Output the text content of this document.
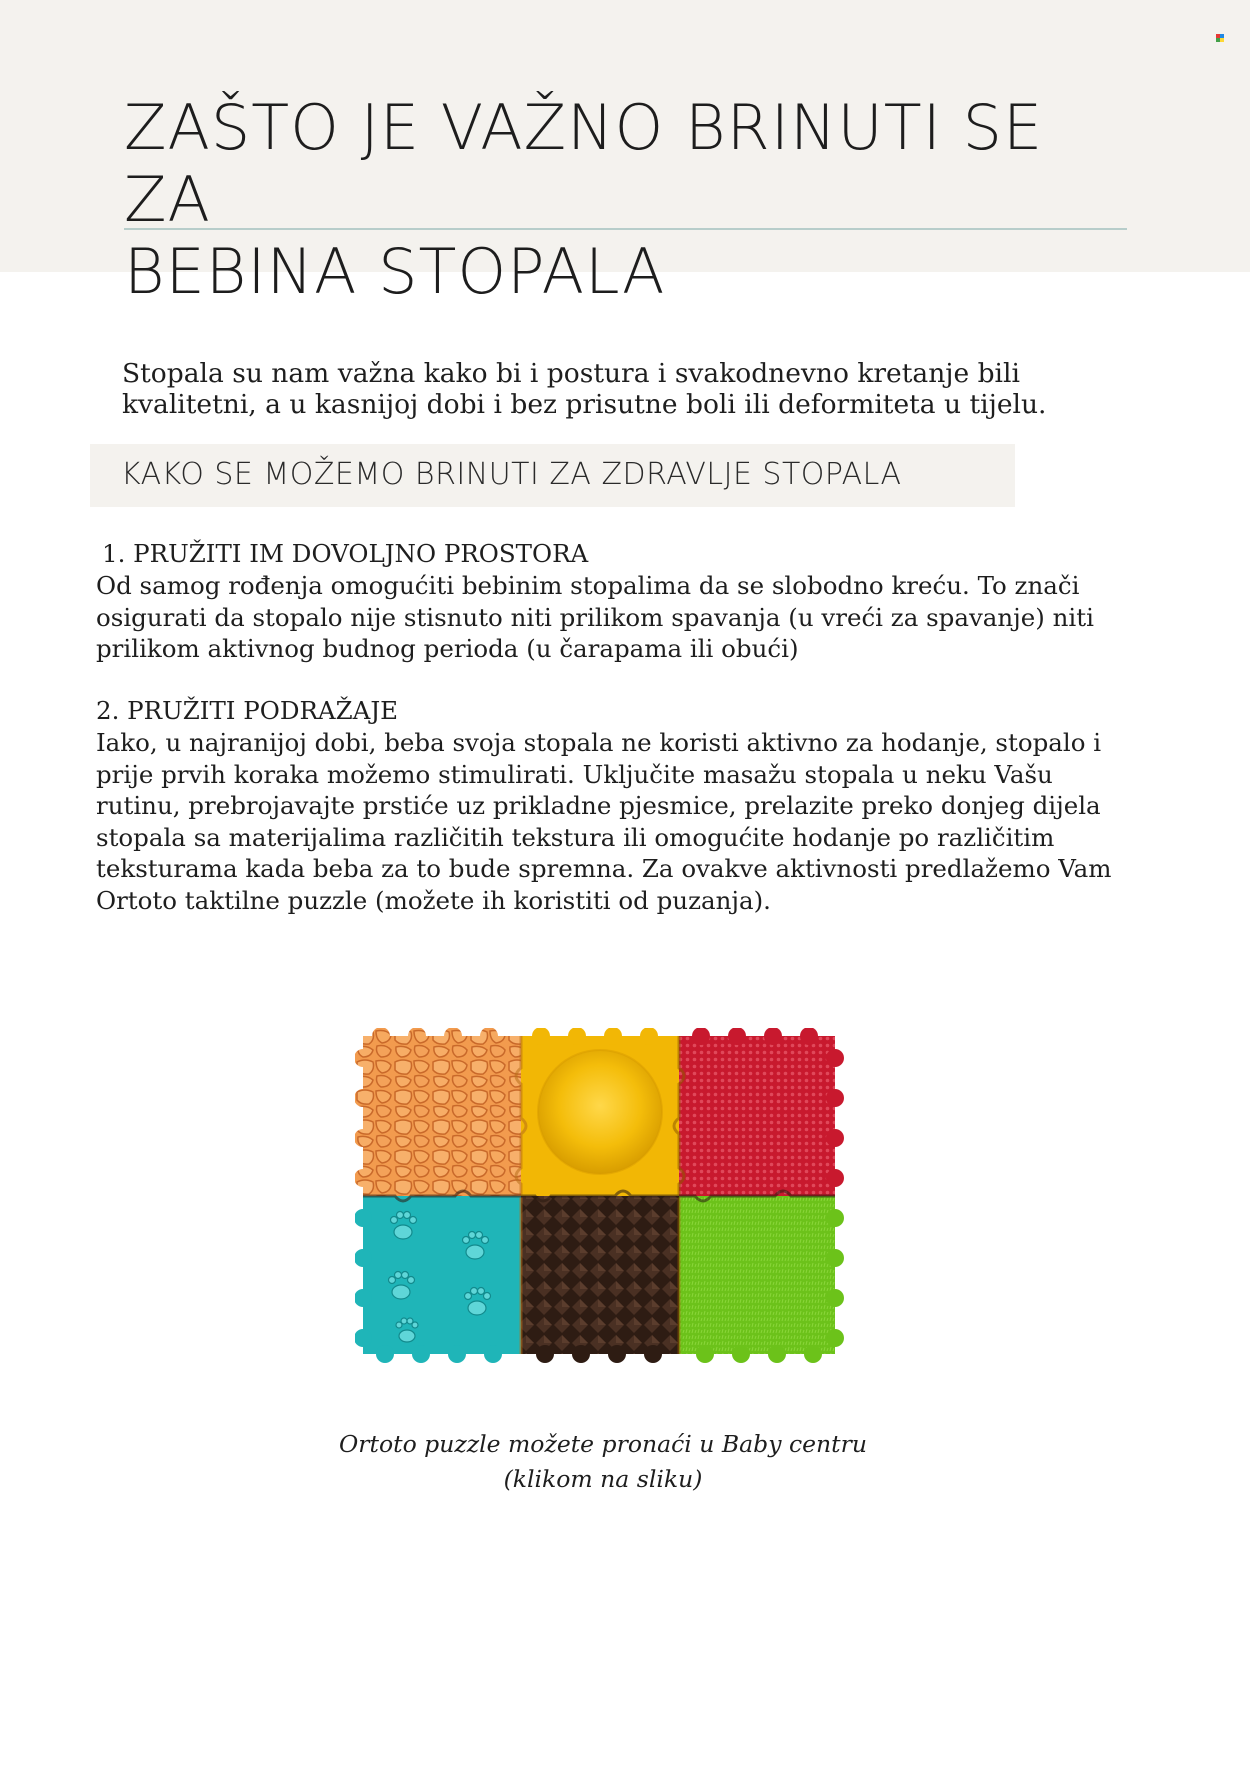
ZAŠTO JE VAŽNO BRINUTI SE ZA
BEBINA STOPALA

Stopala su nam važna kako bi i postura i svakodnevno kretanje bili
kvalitetni, a u kasnijoj dobi i bez prisutne boli ili deformiteta u tijelu.

KAKO SE MOŽEMO BRINUTI ZA ZDRAVLJE STOPALA
1. PRUŽITI IM DOVOLJNO PROSTORA
Od samog rođenja omogućiti bebinim stopalima da se slobodno kreću. To znači
osigurati da stopalo nije stisnuto niti prilikom spavanja (u vreći za spavanje) niti
prilikom aktivnog budnog perioda (u čarapama ili obući)
2. PRUŽITI PODRAŽAJE
Iako, u najranijoj dobi, beba svoja stopala ne koristi aktivno za hodanje, stopalo i
prije prvih koraka možemo stimulirati. Uključite masažu stopala u neku Vašu
rutinu, prebrojavajte prstiće uz prikladne pjesmice, prelazite preko donjeg dijela
stopala sa materijalima različitih tekstura ili omogućite hodanje po različitim
teksturama kada beba za to bude spremna. Za ovakve aktivnosti predlažemo Vam
Ortoto taktilne puzzle (možete ih koristiti od puzanja).
Ortoto puzzle možete pronaći u Baby centru
(klikom na sliku)
